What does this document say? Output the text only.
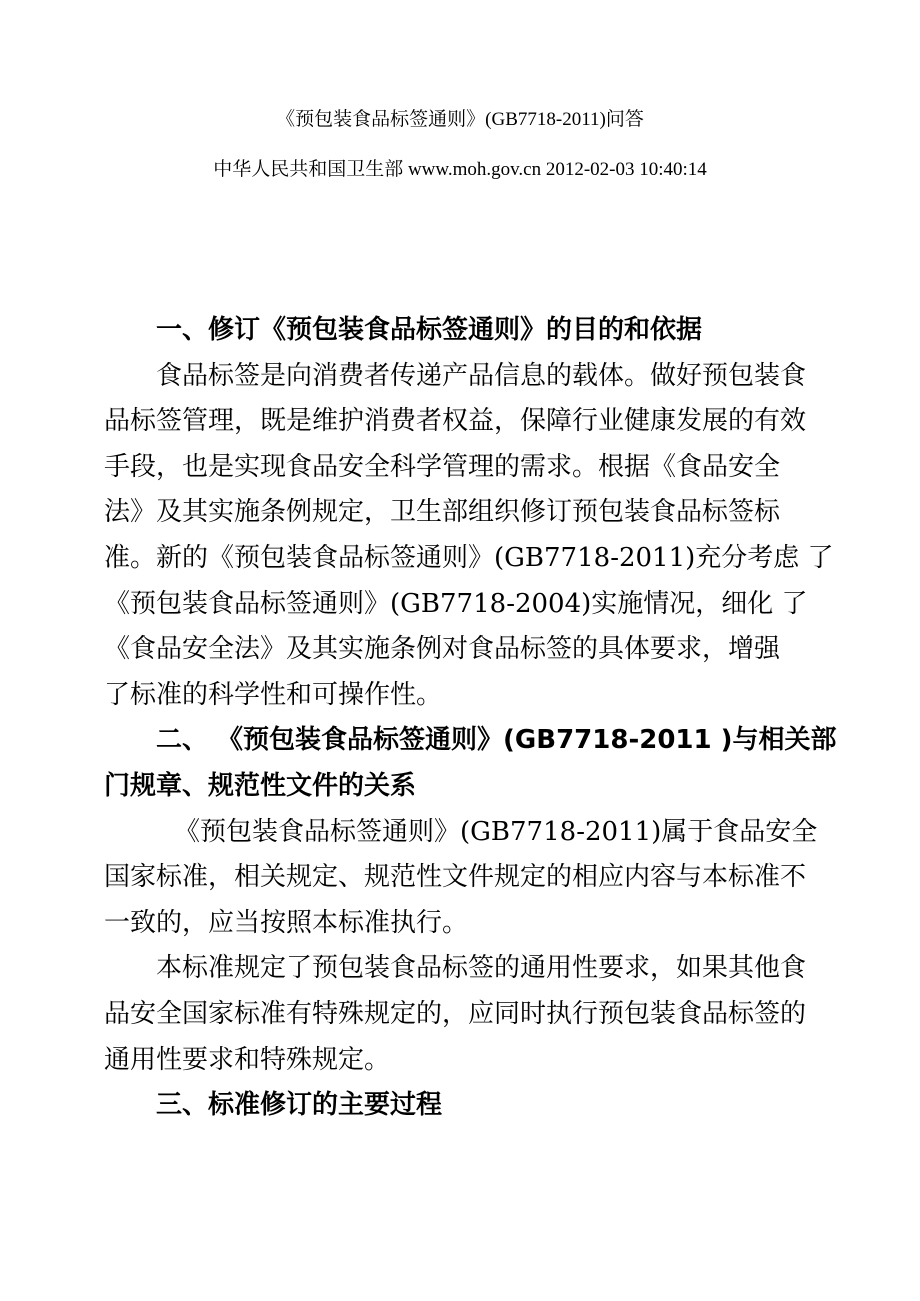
《预包装食品标签通则》(GB7718-2011)问答
中华人民共和国卫生部 www.moh.gov.cn 2012-02-03 10:40:14
一、修订《预包装食品标签通则》的目的和依据
食品标签是向消费者传递产品信息的载体。做好预包装食
品标签管理，既是维护消费者权益，保障行业健康发展的有效
手段，也是实现食品安全科学管理的需求。根据《食品安全
法》及其实施条例规定，卫生部组织修订预包装食品标签标
准。新的《预包装食品标签通则》(GB7718-2011)充分考虑 了
《预包装食品标签通则》(GB7718-2004)实施情况，细化 了
《食品安全法》及其实施条例对食品标签的具体要求，增强
了标准的科学性和可操作性。
二、 《预包装食品标签通则》(GB7718-2011 )与相关部
门规章、规范性文件的关系
《预包装食品标签通则》(GB7718-2011)属于食品安全
国家标准，相关规定、规范性文件规定的相应内容与本标准不
一致的，应当按照本标准执行。
本标准规定了预包装食品标签的通用性要求，如果其他食
品安全国家标准有特殊规定的，应同时执行预包装食品标签的
通用性要求和特殊规定。
三、标准修订的主要过程
